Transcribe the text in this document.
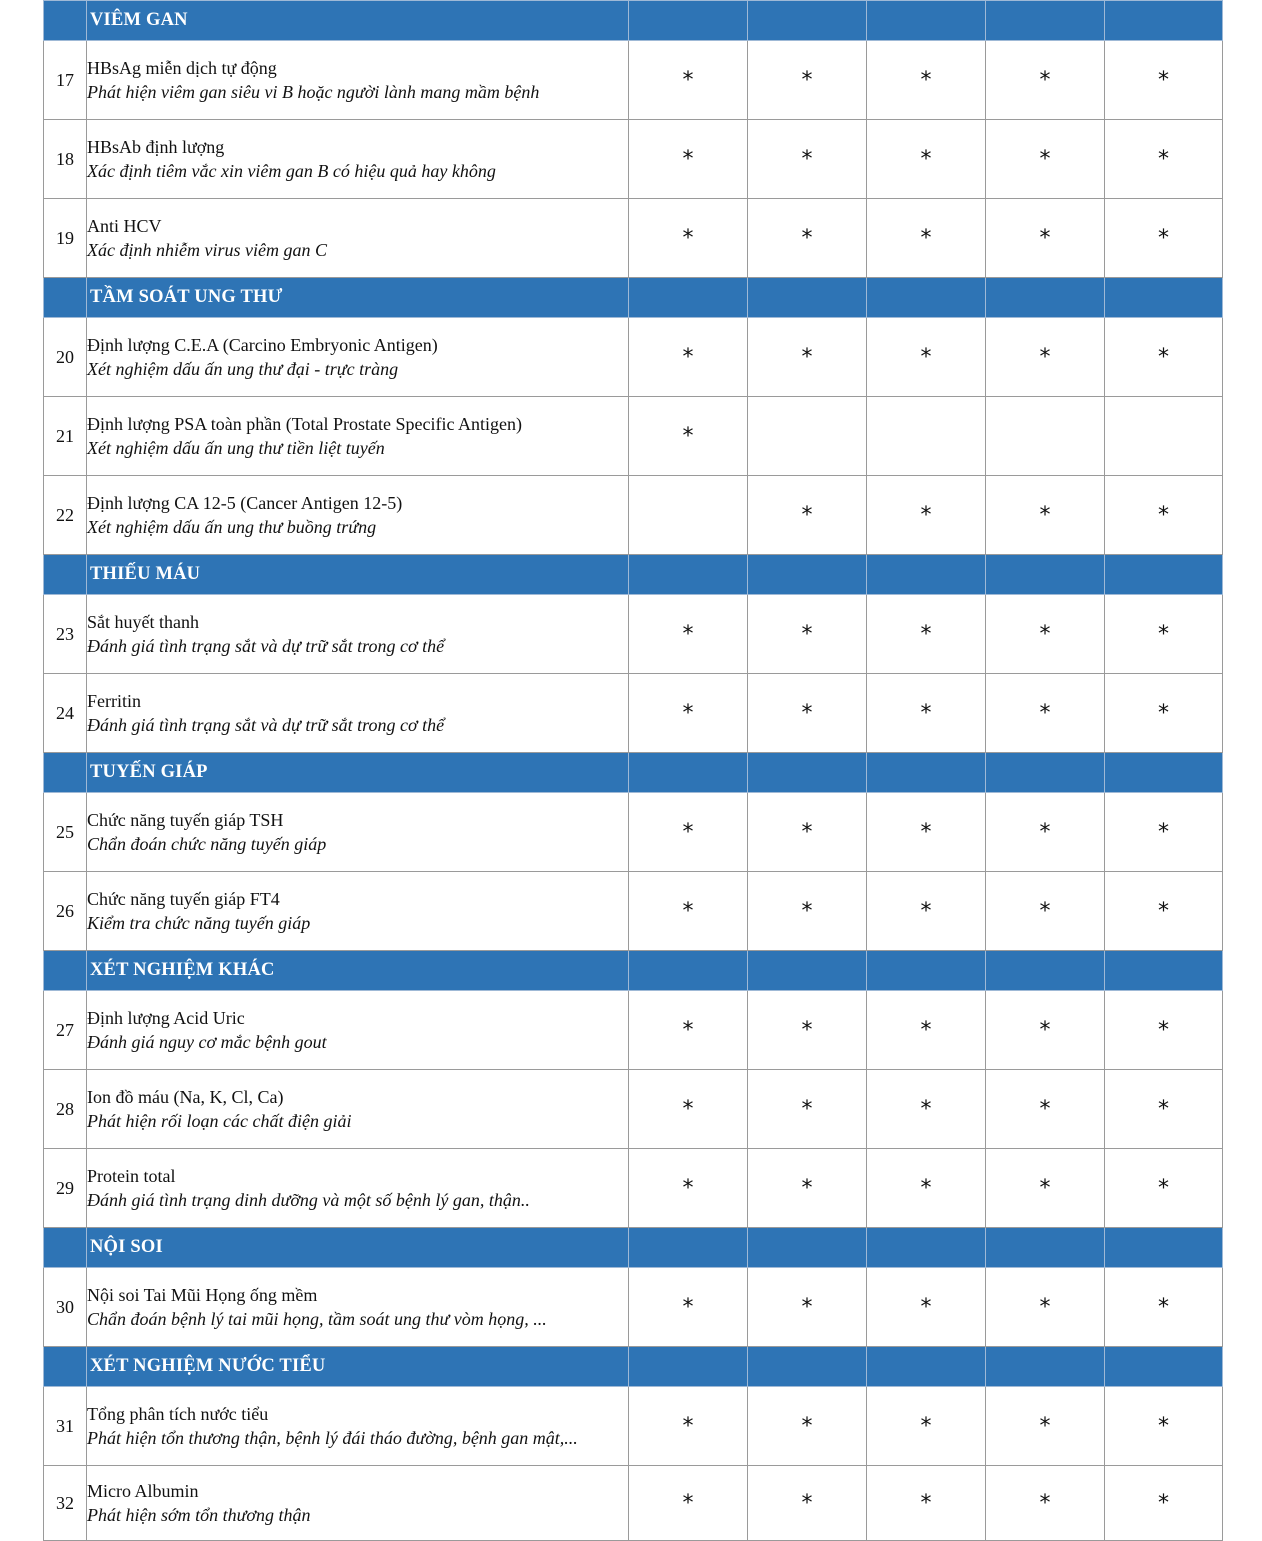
	VIÊM GAN					
17	HBsAg miễn dịch tự động
Phát hiện viêm gan siêu vi B hoặc người lành mang mầm bệnh	*	*	*	*	*
18	HBsAb định lượng
Xác định tiêm vắc xin viêm gan B có hiệu quả hay không	*	*	*	*	*
19	Anti HCV
Xác định nhiễm virus viêm gan C	*	*	*	*	*
	TẦM SOÁT UNG THƯ					
20	Định lượng C.E.A (Carcino Embryonic Antigen)
Xét nghiệm dấu ấn ung thư đại - trực tràng	*	*	*	*	*
21	Định lượng PSA toàn phần (Total Prostate Specific Antigen)
Xét nghiệm dấu ấn ung thư tiền liệt tuyến	*				
22	Định lượng CA 12-5 (Cancer Antigen 12-5)
Xét nghiệm dấu ấn ung thư buồng trứng		*	*	*	*
	THIẾU MÁU					
23	Sắt huyết thanh
Đánh giá tình trạng sắt và dự trữ sắt trong cơ thể	*	*	*	*	*
24	Ferritin
Đánh giá tình trạng sắt và dự trữ sắt trong cơ thể	*	*	*	*	*
	TUYẾN GIÁP					
25	Chức năng tuyến giáp TSH
Chẩn đoán chức năng tuyến giáp	*	*	*	*	*
26	Chức năng tuyến giáp FT4
Kiểm tra chức năng tuyến giáp	*	*	*	*	*
	XÉT NGHIỆM KHÁC					
27	Định lượng Acid Uric
Đánh giá nguy cơ mắc bệnh gout	*	*	*	*	*
28	Ion đồ máu (Na, K, Cl, Ca)
Phát hiện rối loạn các chất điện giải	*	*	*	*	*
29	Protein total
Đánh giá tình trạng dinh dưỡng và một số bệnh lý gan, thận..	*	*	*	*	*
	NỘI SOI					
30	Nội soi Tai Mũi Họng ống mềm
Chẩn đoán bệnh lý tai mũi họng, tầm soát ung thư vòm họng, ...	*	*	*	*	*
	XÉT NGHIỆM NƯỚC TIỂU					
31	Tổng phân tích nước tiểu
Phát hiện tổn thương thận, bệnh lý đái tháo đường, bệnh gan mật,...	*	*	*	*	*
32	Micro Albumin
Phát hiện sớm tổn thương thận	*	*	*	*	*
